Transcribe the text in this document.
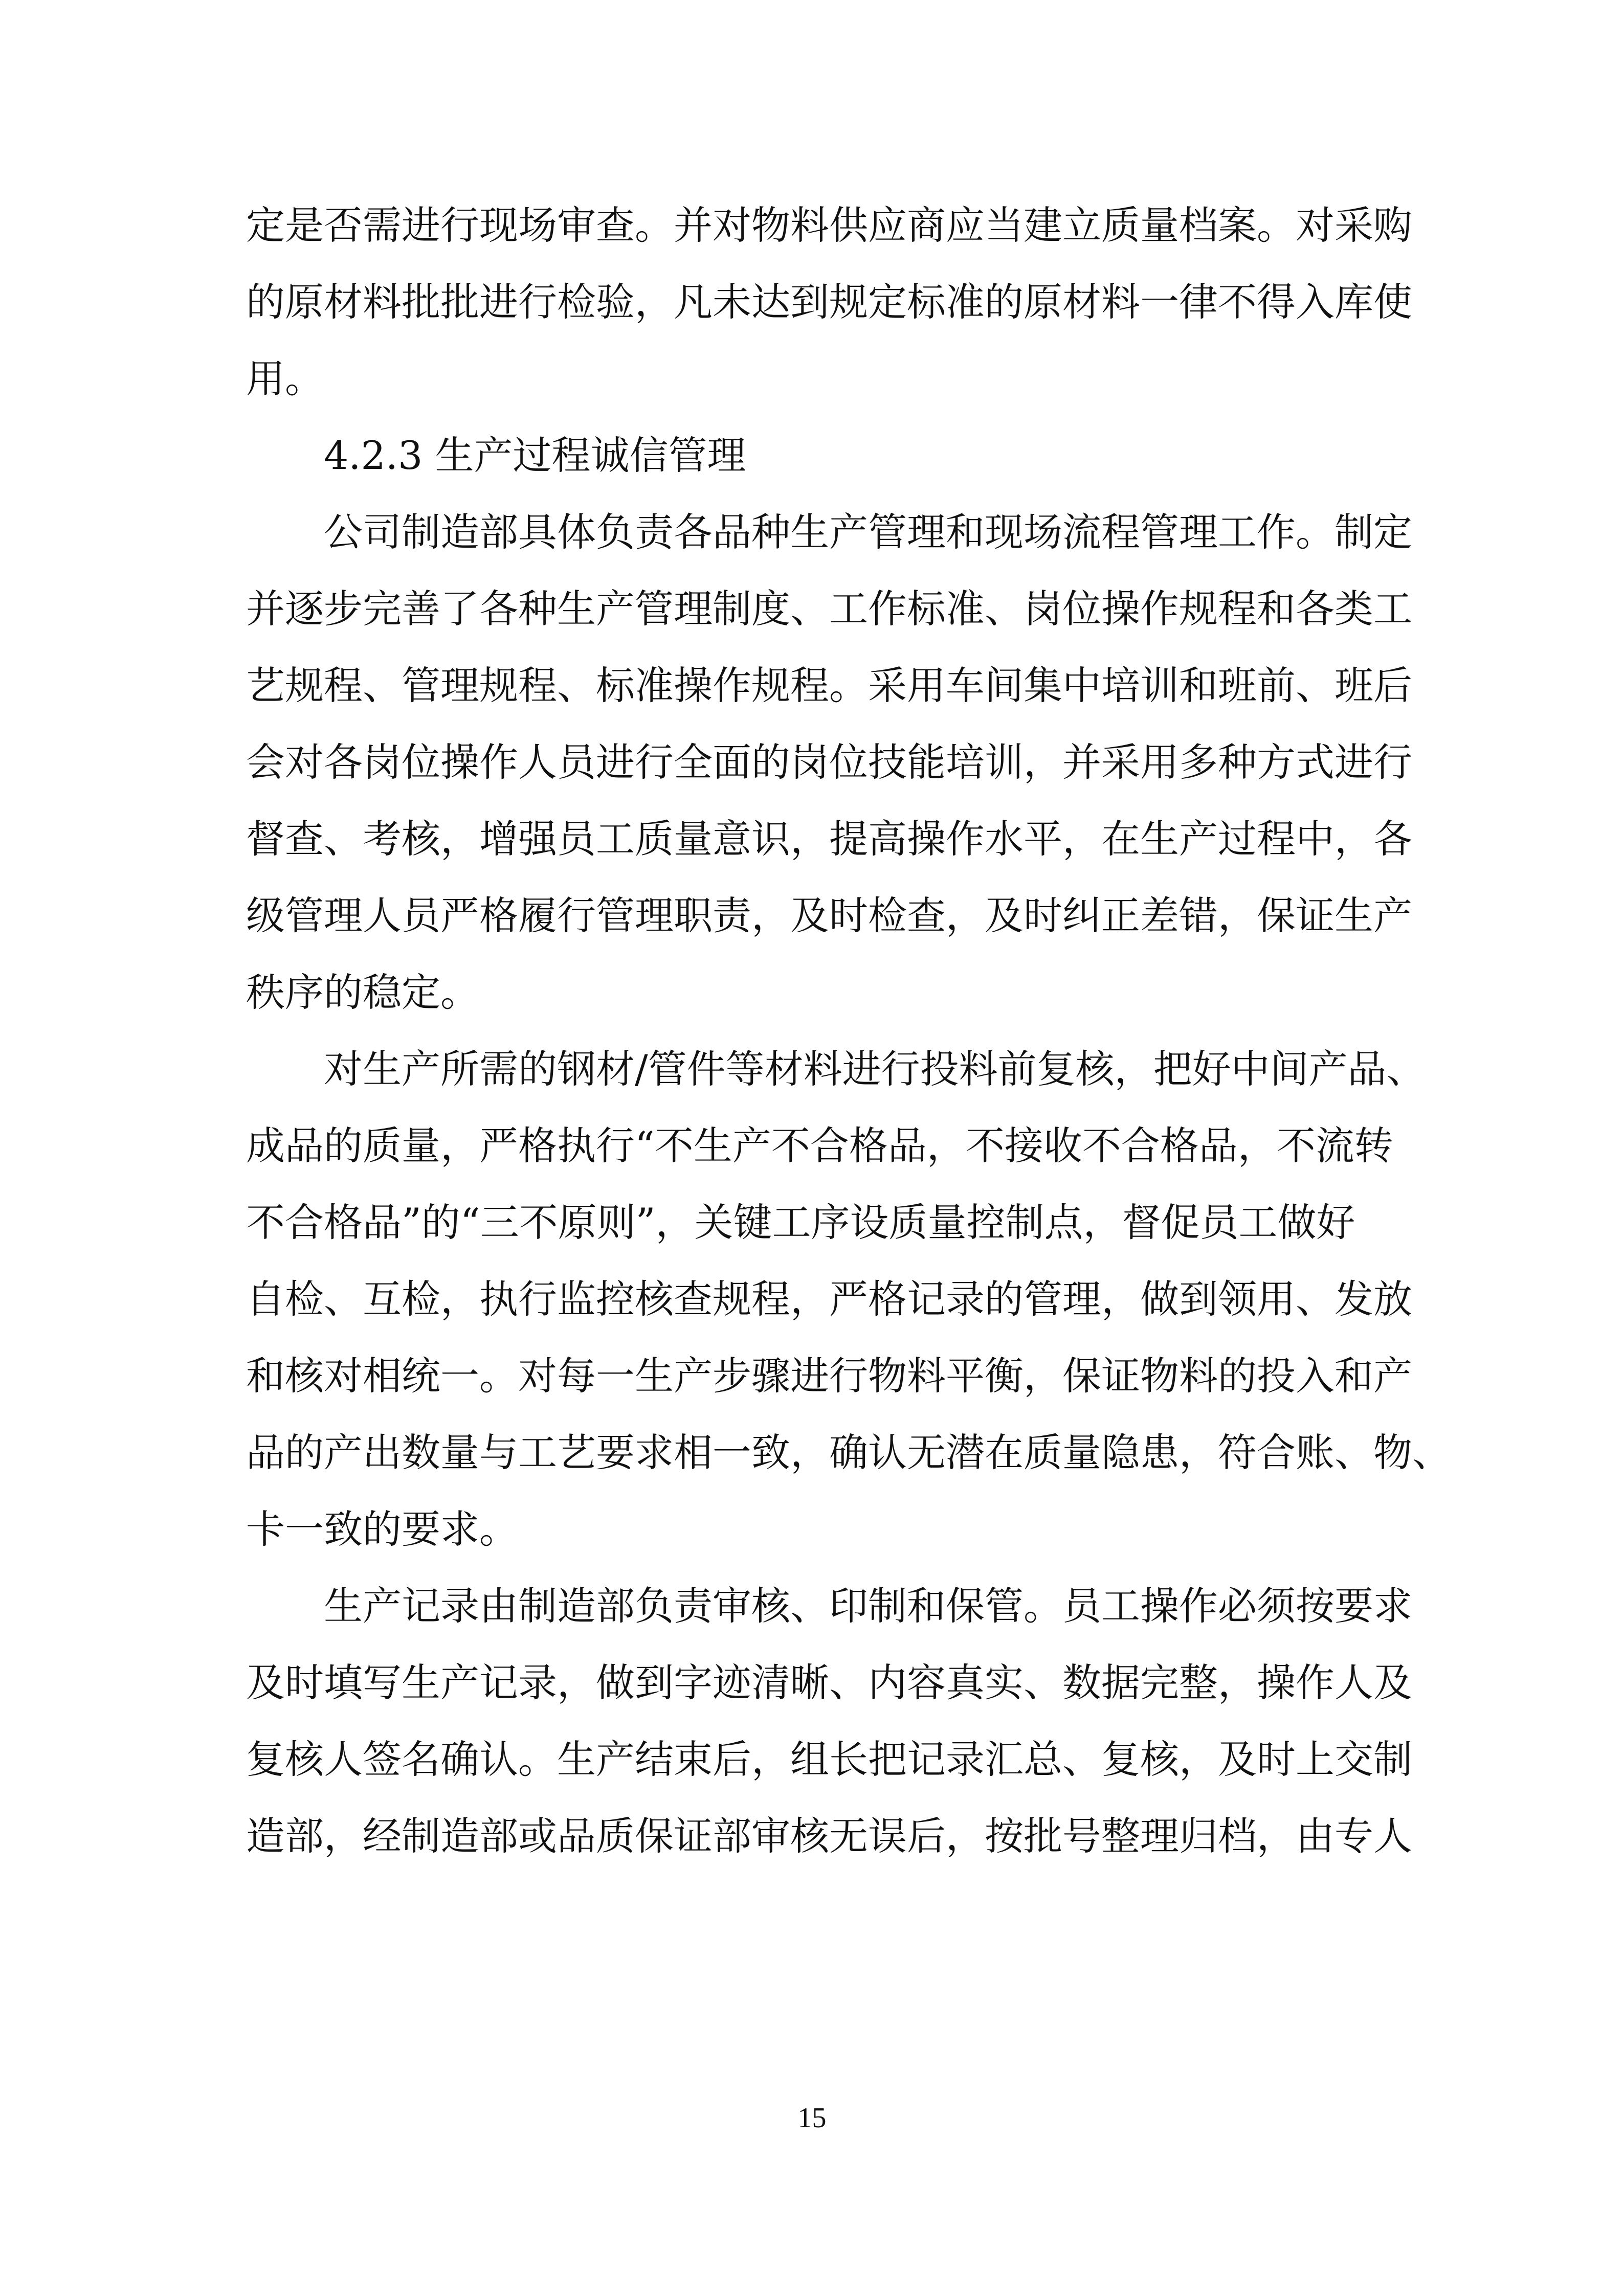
定是否需进行现场审查。并对物料供应商应当建立质量档案。对采购
的原材料批批进行检验，凡未达到规定标准的原材料一律不得入库使
用。
4.2.3 生产过程诚信管理
公司制造部具体负责各品种生产管理和现场流程管理工作。制定
并逐步完善了各种生产管理制度、工作标准、岗位操作规程和各类工
艺规程、管理规程、标准操作规程。采用车间集中培训和班前、班后
会对各岗位操作人员进行全面的岗位技能培训，并采用多种方式进行
督查、考核，增强员工质量意识，提高操作水平，在生产过程中，各
级管理人员严格履行管理职责，及时检查，及时纠正差错，保证生产
秩序的稳定。
对生产所需的钢材/管件等材料进行投料前复核，把好中间产品、
成品的质量，严格执行“不生产不合格品，不接收不合格品，不流转
不合格品”的“三不原则”，关键工序设质量控制点，督促员工做好
自检、互检，执行监控核查规程，严格记录的管理，做到领用、发放
和核对相统一。对每一生产步骤进行物料平衡，保证物料的投入和产
品的产出数量与工艺要求相一致，确认无潜在质量隐患，符合账、物、
卡一致的要求。
生产记录由制造部负责审核、印制和保管。员工操作必须按要求
及时填写生产记录，做到字迹清晰、内容真实、数据完整，操作人及
复核人签名确认。生产结束后，组长把记录汇总、复核，及时上交制
造部，经制造部或品质保证部审核无误后，按批号整理归档，由专人
15
